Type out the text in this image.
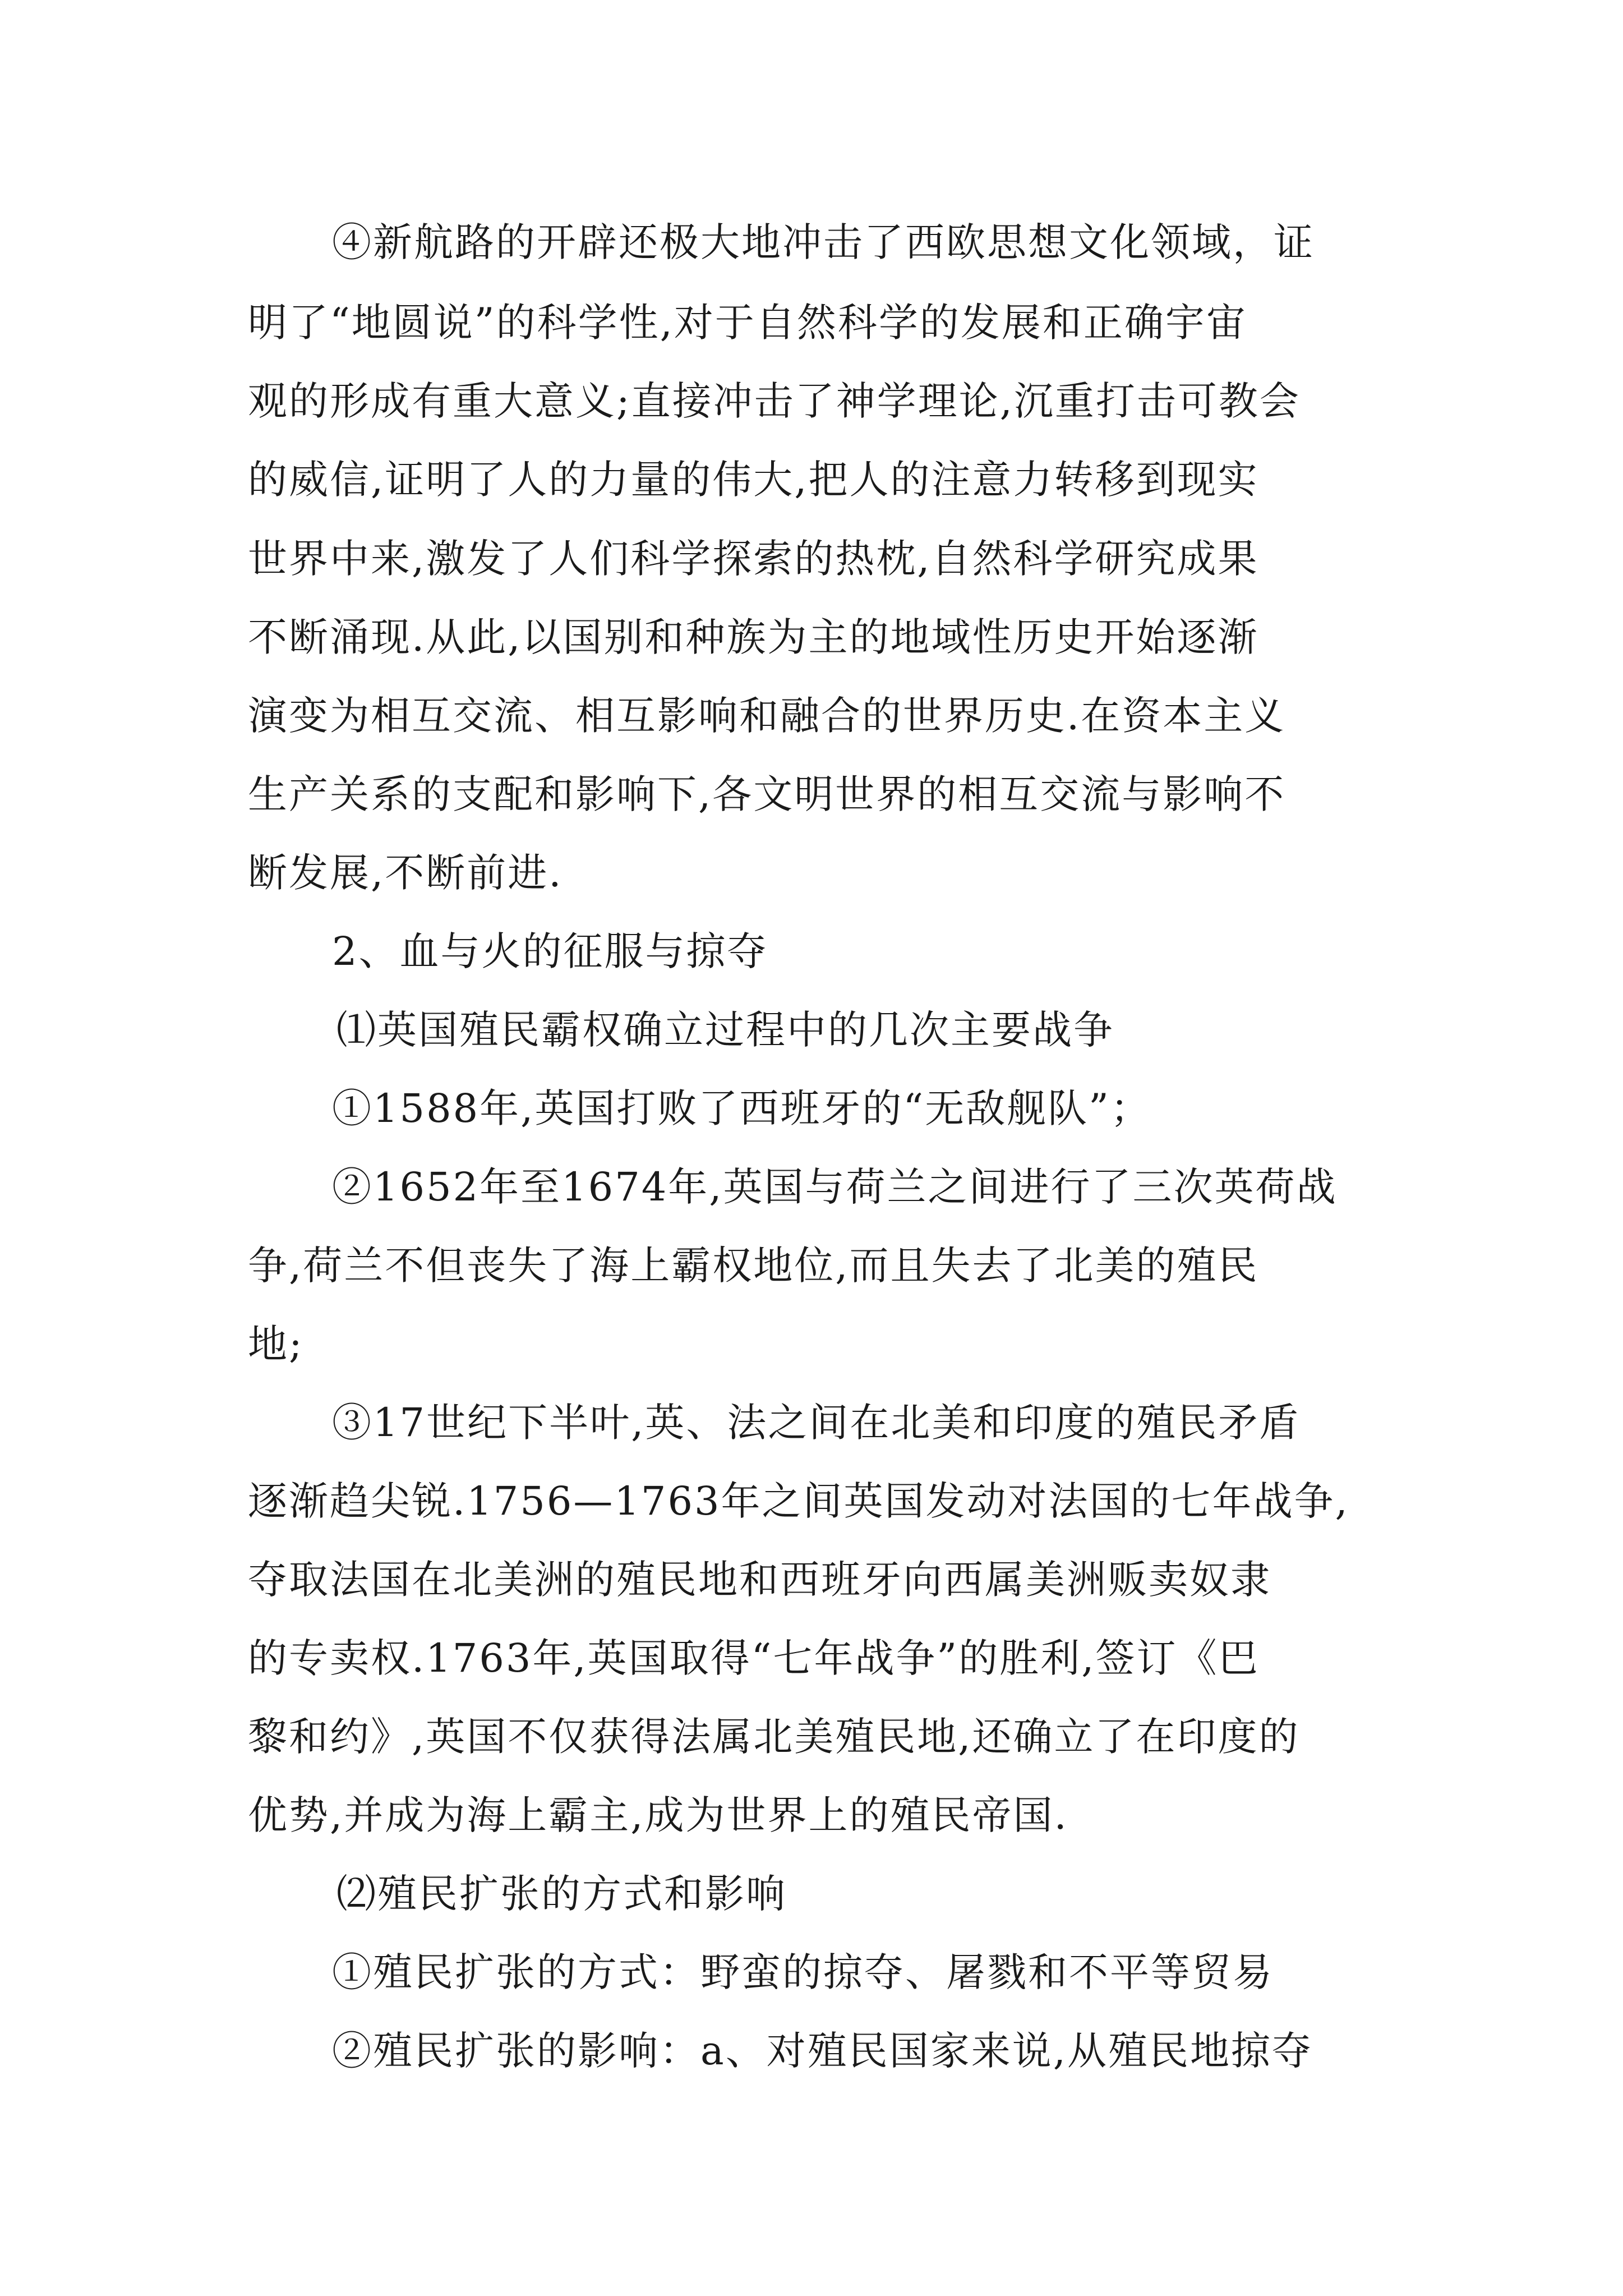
④新航路的开辟还极大地冲击了西欧思想文化领域，证
明了“地圆说”的科学性,对于自然科学的发展和正确宇宙
观的形成有重大意义;直接冲击了神学理论,沉重打击可教会
的威信,证明了人的力量的伟大,把人的注意力转移到现实
世界中来,激发了人们科学探索的热枕,自然科学研究成果
不断涌现.从此,以国别和种族为主的地域性历史开始逐渐
演变为相互交流、相互影响和融合的世界历史.在资本主义
生产关系的支配和影响下,各文明世界的相互交流与影响不
断发展,不断前进.
2、血与火的征服与掠夺
⑴英国殖民霸权确立过程中的几次主要战争
①1588年,英国打败了西班牙的“无敌舰队”；
②1652年至1674年,英国与荷兰之间进行了三次英荷战
争,荷兰不但丧失了海上霸权地位,而且失去了北美的殖民
地;
③17世纪下半叶,英、法之间在北美和印度的殖民矛盾
逐渐趋尖锐.1756—1763年之间英国发动对法国的七年战争,
夺取法国在北美洲的殖民地和西班牙向西属美洲贩卖奴隶
的专卖权.1763年,英国取得“七年战争”的胜利,签订《巴
黎和约》,英国不仅获得法属北美殖民地,还确立了在印度的
优势,并成为海上霸主,成为世界上的殖民帝国.
⑵殖民扩张的方式和影响
①殖民扩张的方式：野蛮的掠夺、屠戮和不平等贸易
②殖民扩张的影响：a、对殖民国家来说,从殖民地掠夺
